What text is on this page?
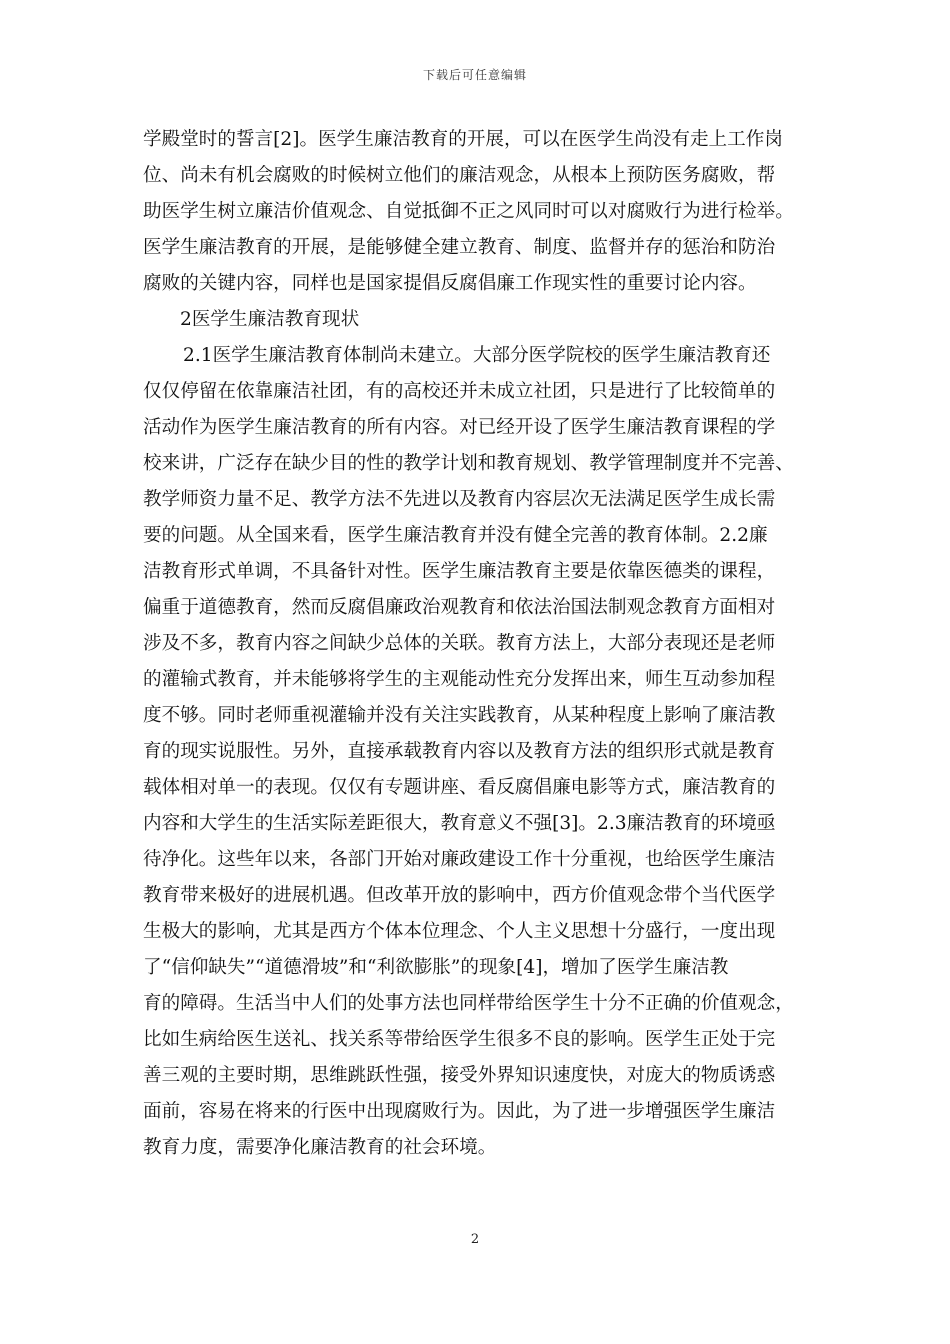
下载后可任意编辑
学殿堂时的誓言[2]。医学生廉洁教育的开展，可以在医学生尚没有走上工作岗
位、尚未有机会腐败的时候树立他们的廉洁观念，从根本上预防医务腐败，帮
助医学生树立廉洁价值观念、自觉抵御不正之风同时可以对腐败行为进行检举。
医学生廉洁教育的开展，是能够健全建立教育、制度、监督并存的惩治和防治
腐败的关键内容，同样也是国家提倡反腐倡廉工作现实性的重要讨论内容。
2医学生廉洁教育现状
2.1医学生廉洁教育体制尚未建立。大部分医学院校的医学生廉洁教育还
仅仅停留在依靠廉洁社团，有的高校还并未成立社团，只是进行了比较简单的
活动作为医学生廉洁教育的所有内容。对已经开设了医学生廉洁教育课程的学
校来讲，广泛存在缺少目的性的教学计划和教育规划、教学管理制度并不完善、
教学师资力量不足、教学方法不先进以及教育内容层次无法满足医学生成长需
要的问题。从全国来看，医学生廉洁教育并没有健全完善的教育体制。2.2廉
洁教育形式单调，不具备针对性。医学生廉洁教育主要是依靠医德类的课程，
偏重于道德教育，然而反腐倡廉政治观教育和依法治国法制观念教育方面相对
涉及不多，教育内容之间缺少总体的关联。教育方法上，大部分表现还是老师
的灌输式教育，并未能够将学生的主观能动性充分发挥出来，师生互动参加程
度不够。同时老师重视灌输并没有关注实践教育，从某种程度上影响了廉洁教
育的现实说服性。另外，直接承载教育内容以及教育方法的组织形式就是教育
载体相对单一的表现。仅仅有专题讲座、看反腐倡廉电影等方式，廉洁教育的
内容和大学生的生活实际差距很大，教育意义不强[3]。2.3廉洁教育的环境亟
待净化。这些年以来，各部门开始对廉政建设工作十分重视，也给医学生廉洁
教育带来极好的进展机遇。但改革开放的影响中，西方价值观念带个当代医学
生极大的影响，尤其是西方个体本位理念、个人主义思想十分盛行，一度出现
了“信仰缺失”“道德滑坡”和“利欲膨胀”的现象[4]，增加了医学生廉洁教
育的障碍。生活当中人们的处事方法也同样带给医学生十分不正确的价值观念，
比如生病给医生送礼、找关系等带给医学生很多不良的影响。医学生正处于完
善三观的主要时期，思维跳跃性强，接受外界知识速度快，对庞大的物质诱惑
面前，容易在将来的行医中出现腐败行为。因此，为了进一步增强医学生廉洁
教育力度，需要净化廉洁教育的社会环境。
2
